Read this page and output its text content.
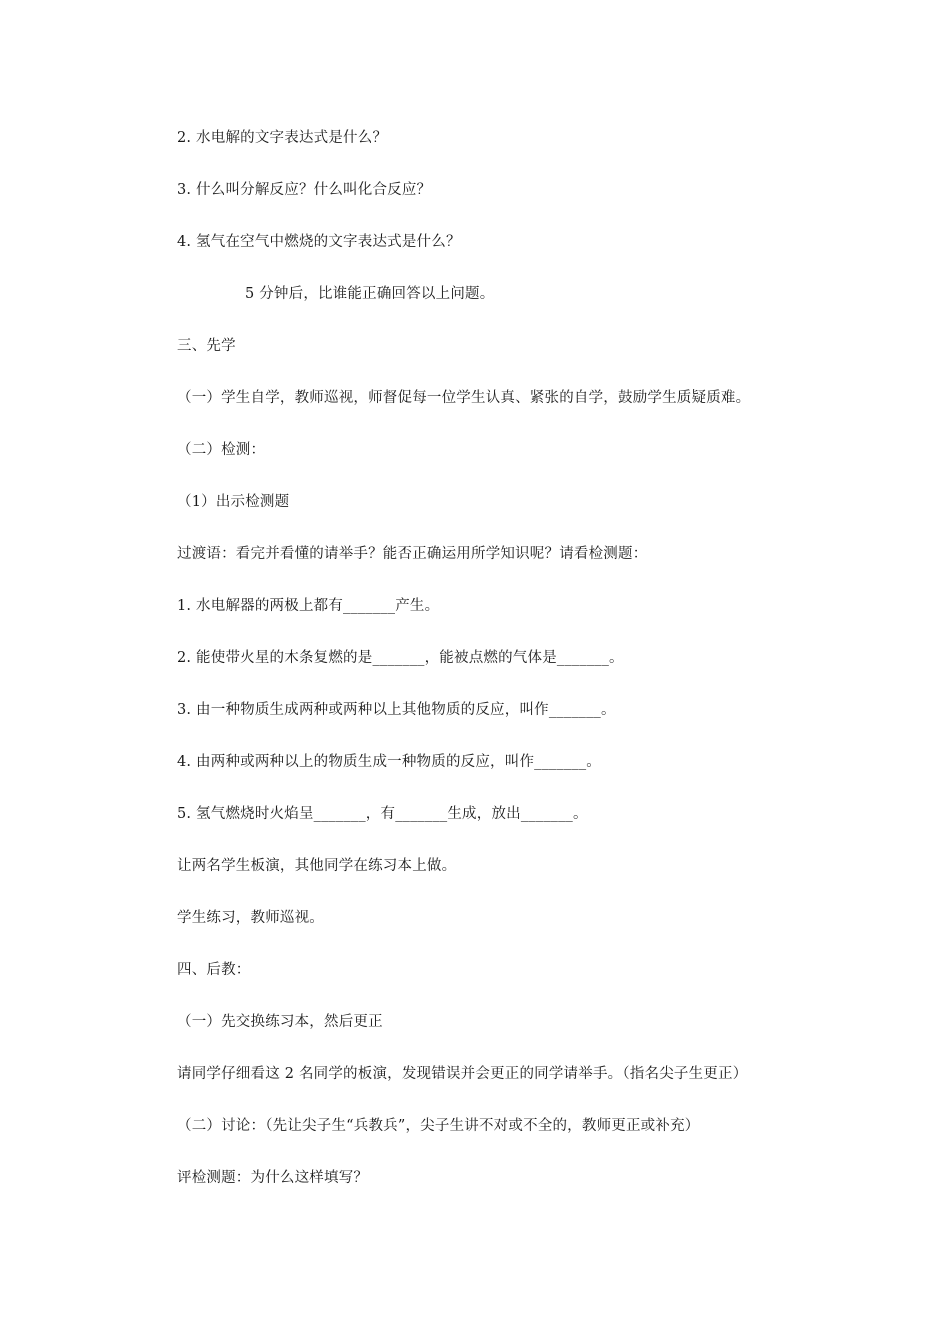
2. 水电解的文字表达式是什么？
3. 什么叫分解反应？什么叫化合反应？
4. 氢气在空气中燃烧的文字表达式是什么？
5 分钟后，比谁能正确回答以上问题。
三、先学
（一）学生自学，教师巡视，师督促每一位学生认真、紧张的自学，鼓励学生质疑质难。
（二）检测：
（1）出示检测题
过渡语：看完并看懂的请举手？能否正确运用所学知识呢？请看检测题：
1. 水电解器的两极上都有_______产生。
2. 能使带火星的木条复燃的是_______，能被点燃的气体是_______。
3. 由一种物质生成两种或两种以上其他物质的反应，叫作_______。
4. 由两种或两种以上的物质生成一种物质的反应，叫作_______。
5. 氢气燃烧时火焰呈_______，有_______生成，放出_______。
让两名学生板演，其他同学在练习本上做。
学生练习，教师巡视。
四、后教：
（一）先交换练习本，然后更正
请同学仔细看这 2 名同学的板演，发现错误并会更正的同学请举手。（指名尖子生更正）
（二）讨论：（先让尖子生“兵教兵”，尖子生讲不对或不全的，教师更正或补充）
评检测题：为什么这样填写？
